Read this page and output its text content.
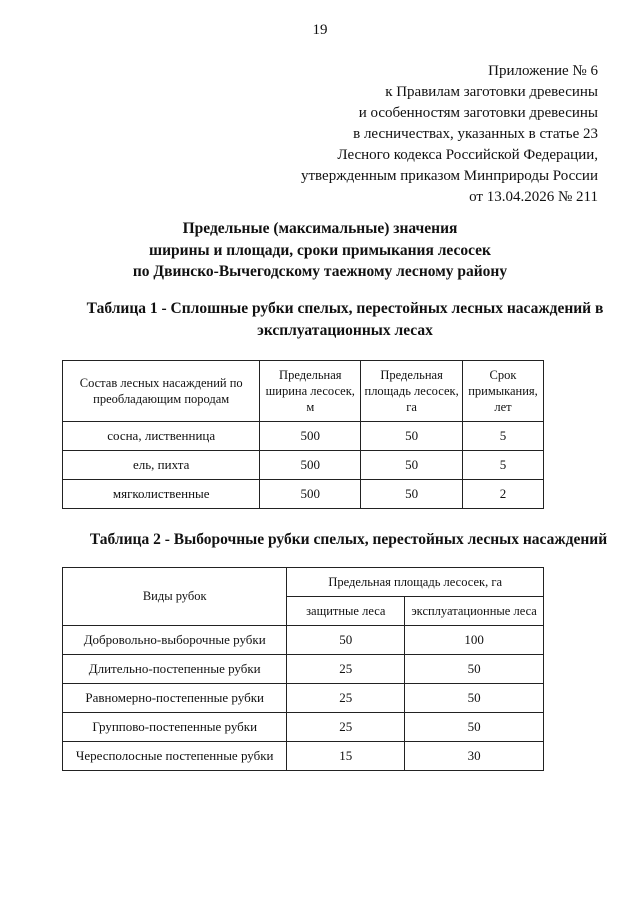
19
Приложение № 6
к Правилам заготовки древесины
и особенностям заготовки древесины
в лесничествах, указанных в статье 23
Лесного кодекса Российской Федерации,
утвержденным приказом Минприроды России
от 13.04.2026 № 211
Предельные (максимальные) значения
ширины и площади, сроки примыкания лесосек
по Двинско-Вычегодскому таежному лесному району
Таблица 1 - Сплошные рубки спелых, перестойных лесных насаждений в
эксплуатационных лесах
Состав лесных насаждений по преобладающим породам	Предельная ширина лесосек, м	Предельная площадь лесосек, га	Срок примыкания, лет
сосна, лиственница	500	50	5
ель, пихта	500	50	5
мягколиственные	500	50	2
Таблица 2 - Выборочные рубки спелых, перестойных лесных насаждений
Виды рубок	Предельная площадь лесосек, га	
	защитные леса	эксплуатационные леса
Добровольно-выборочные рубки	50	100
Длительно-постепенные рубки	25	50
Равномерно-постепенные рубки	25	50
Группово-постепенные рубки	25	50
Чересполосные постепенные рубки	15	30
